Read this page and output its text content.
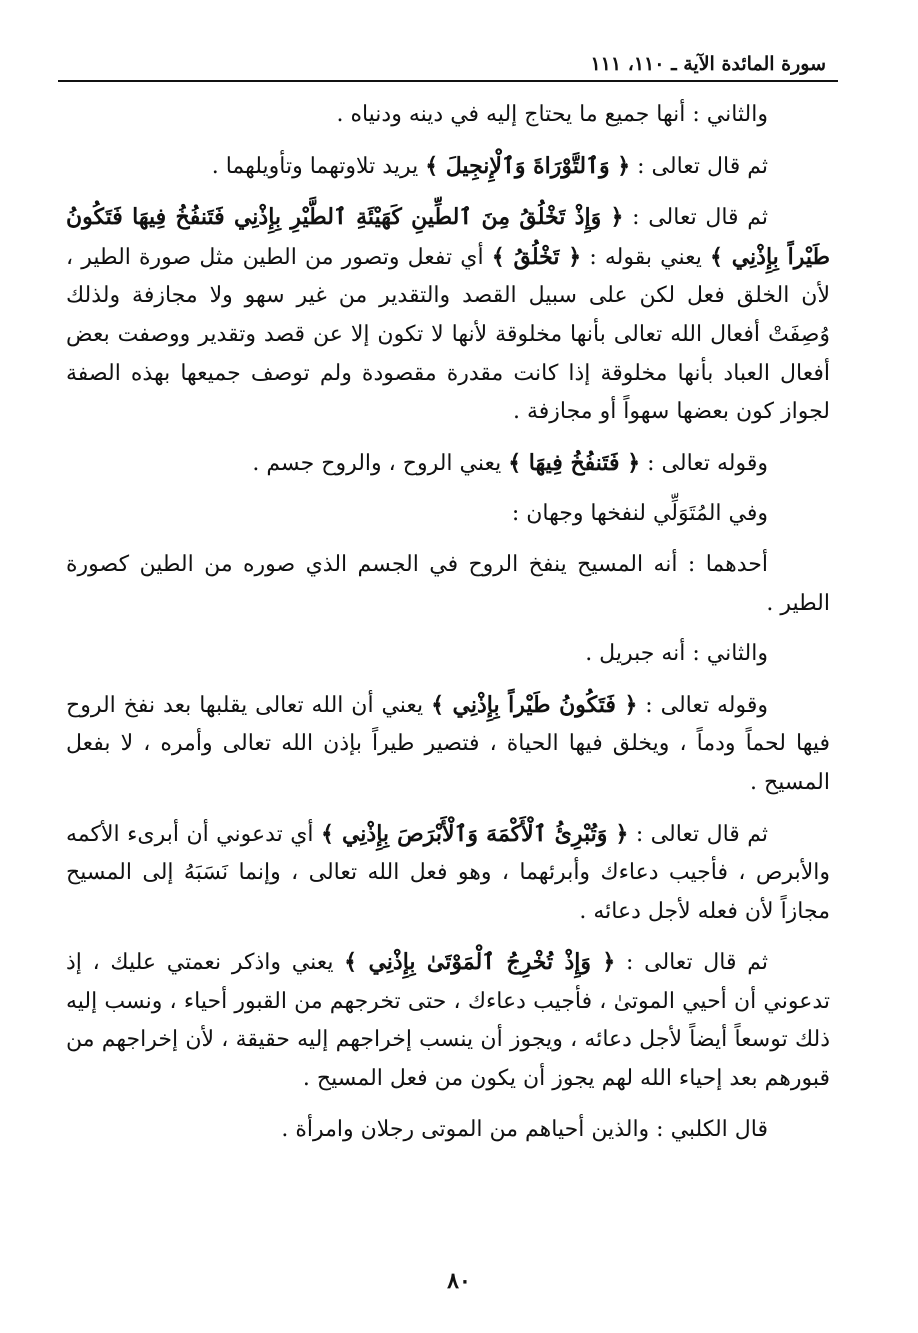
سورة المائدة الآية ـ ١١٠، ١١١

والثاني : أنها جميع ما يحتاج إليه في دينه ودنياه .

ثم قال تعالى : ﴿ وَٱلتَّوْرَاةَ وَٱلْإِنجِيلَ ﴾ يريد تلاوتهما وتأويلهما .

ثم قال تعالى : ﴿ وَإِذْ تَخْلُقُ مِنَ ٱلطِّينِ كَهَيْئَةِ ٱلطَّيْرِ بِإِذْنِي فَتَنفُخُ فِيهَا فَتَكُونُ طَيْراً بِإِذْنِي ﴾ يعني بقوله : ﴿ تَخْلُقُ ﴾ أي تفعل وتصور من الطين مثل صورة الطير ، لأن الخلق فعل لكن على سبيل القصد والتقدير من غير سهو ولا مجازفة ولذلك وُصِفَتْ أفعال الله تعالى بأنها مخلوقة لأنها لا تكون إلا عن قصد وتقدير ووصفت بعض أفعال العباد بأنها مخلوقة إذا كانت مقدرة مقصودة ولم توصف جميعها بهذه الصفة لجواز كون بعضها سهواً أو مجازفة .

وقوله تعالى : ﴿ فَتَنفُخُ فِيهَا ﴾ يعني الروح ، والروح جسم .

وفي المُتَوَلِّي لنفخها وجهان :

أحدهما : أنه المسيح ينفخ الروح في الجسم الذي صوره من الطين كصورة الطير .

والثاني : أنه جبريل .

وقوله تعالى : ﴿ فَتَكُونُ طَيْراً بِإِذْنِي ﴾ يعني أن الله تعالى يقلبها بعد نفخ الروح فيها لحماً ودماً ، ويخلق فيها الحياة ، فتصير طيراً بإذن الله تعالى وأمره ، لا بفعل المسيح .

ثم قال تعالى : ﴿ وَتُبْرِئُ ٱلْأَكْمَهَ وَٱلْأَبْرَصَ بِإِذْنِي ﴾ أي تدعوني أن أبرىء الأكمه والأبرص ، فأجيب دعاءك وأبرئهما ، وهو فعل الله تعالى ، وإنما نَسَبَهُ إلى المسيح مجازاً لأن فعله لأجل دعائه .

ثم قال تعالى : ﴿ وَإِذْ تُخْرِجُ ٱلْمَوْتَىٰ بِإِذْنِي ﴾ يعني واذكر نعمتي عليك ، إذ تدعوني أن أحيي الموتىٰ ، فأجيب دعاءك ، حتى تخرجهم من القبور أحياء ، ونسب إليه ذلك توسعاً أيضاً لأجل دعائه ، ويجوز أن ينسب إخراجهم إليه حقيقة ، لأن إخراجهم من قبورهم بعد إحياء الله لهم يجوز أن يكون من فعل المسيح .

قال الكلبي : والذين أحياهم من الموتى رجلان وامرأة .

٨٠
